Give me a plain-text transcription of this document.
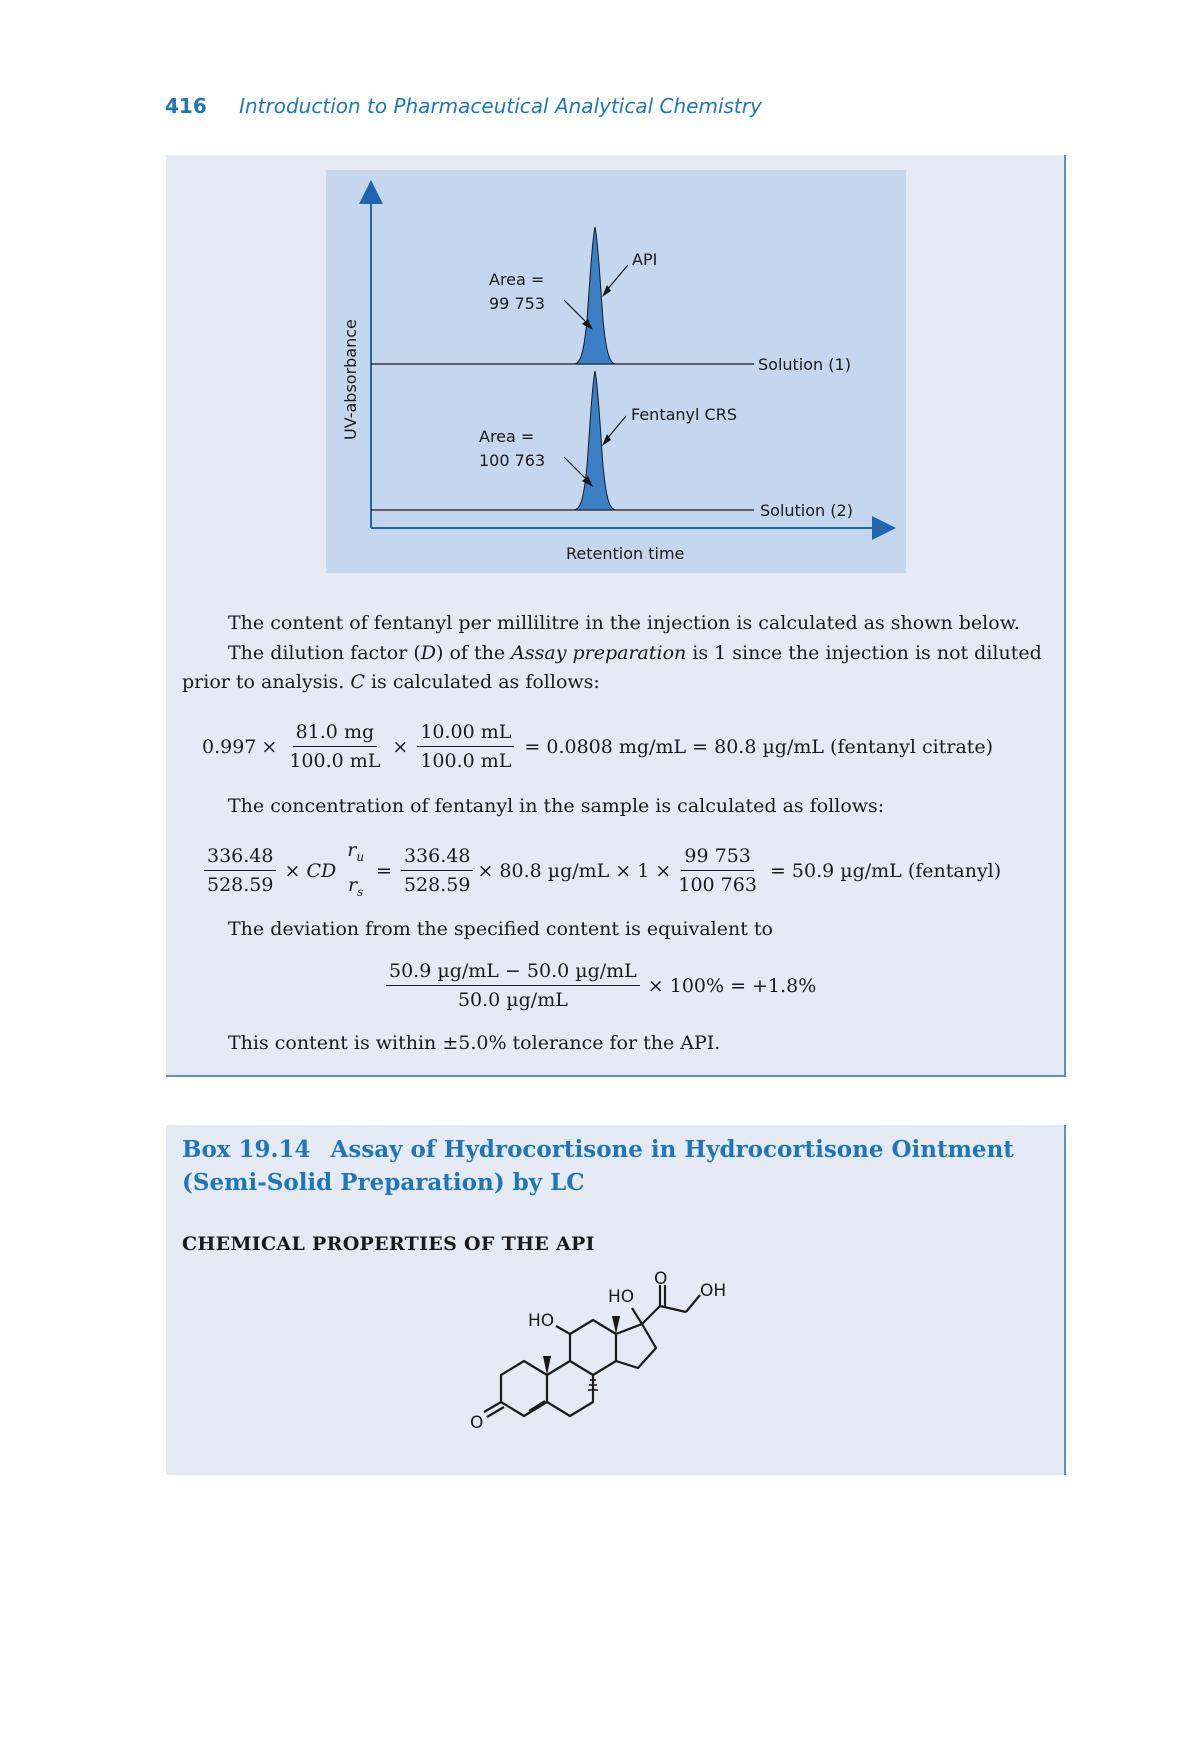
416 Introduction to Pharmaceutical Analytical Chemistry
API
Area =
99 753
Solution (1)
Fentanyl CRS
Area =
100 763
Solution (2)
Retention time
UV-absorbance
The content of fentanyl per millilitre in the injection is calculated as shown below.
The dilution factor (D) of the Assay preparation is 1 since the injection is not diluted
prior to analysis. C is calculated as follows:
$0.997 \times \frac{81.0 mg}{100.0 mL} \times \frac{10.00 mL}{100.0 mL} = 0.0808$ mg/mL = 80.8 µg/mL (fentanyl citrate)
The concentration of fentanyl in the sample is calculated as follows:
$\frac{336.48}{528.59}$ × CD
$r_u$
$r_s$
= $\frac{336.48}{528.59} \times 80.8$ $\mu g/mL \times 1 \times \frac{99 753}{100 763} = 50.9$ µg/mL (fentanyl)
The deviation from the specified content is equivalent to
$\frac{\text{50.9 µg/mL − 50.0 µg/mL}}{\text{50.0 µg/mL}} \times 100\% = +1.8\%$
This content is within ±5.0% tolerance for the API.
Box 19.14 Assay of Hydrocortisone in Hydrocortisone Ointment
(Semi-Solid Preparation) by LC
CHEMICAL PROPERTIES OF THE API
O
HO	OH
HO
O
